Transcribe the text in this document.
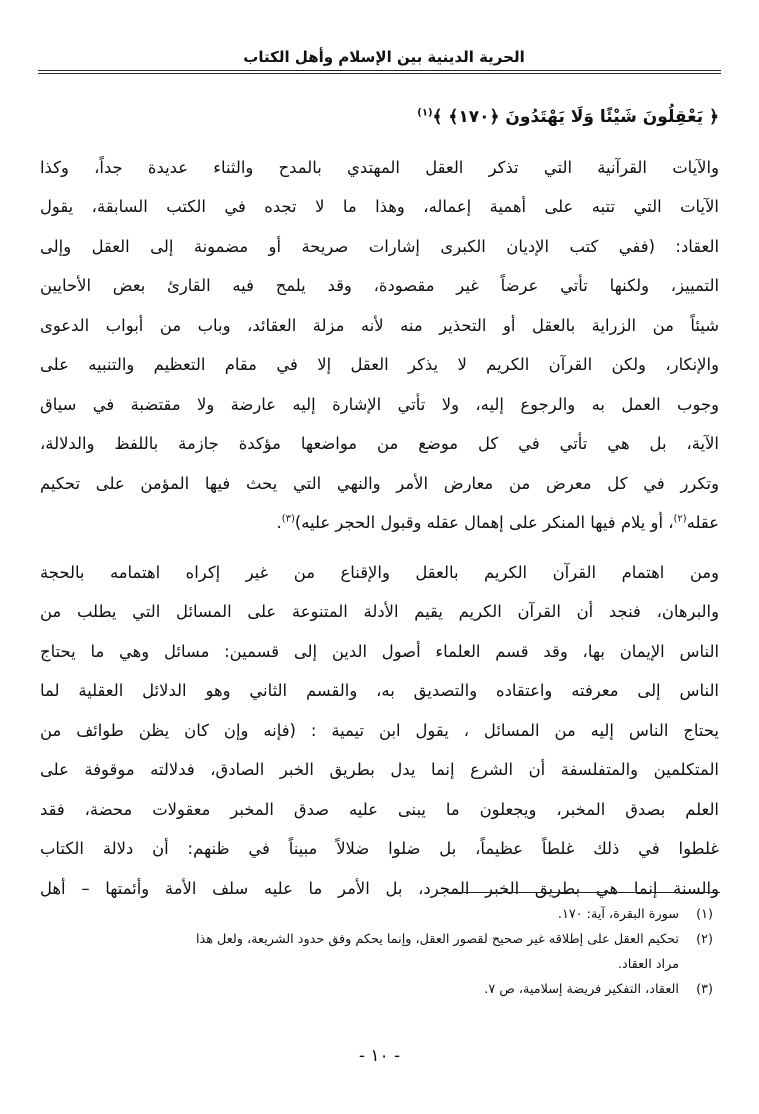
الحرية الدينية بين الإسلام وأهل الكتاب
﴿ يَعْقِلُونَ شَيْئًا وَلَا يَهْتَدُونَ ﴿١٧٠﴾ ﴾$^{(١)}$
والآيات القرآنية التي تذكر العقل المهتدي بالمدح والثناء عديدة جداً، وكذا
الآيات التي تتبه على أهمية إعماله، وهذا ما لا تجده في الكتب السابقة، يقول
العقاد: (ففي كتب الإديان الكبرى إشارات صريحة أو مضمونة إلى العقل وإلى
التمييز، ولكنها تأتي عرضاً غير مقصودة، وقد يلمح فيه القارئ بعض الأحايين
شيئاً من الزراية بالعقل أو التحذير منه لأنه مزلة العقائد، وباب من أبواب الدعوى
والإنكار، ولكن القرآن الكريم لا يذكر العقل إلا في مقام التعظيم والتنبيه على
وجوب العمل به والرجوع إليه، ولا تأتي الإشارة إليه عارضة ولا مقتضبة في سياق
الآية، بل هي تأتي في كل موضع من مواضعها مؤكدة جازمة باللفظ والدلالة،
وتكرر في كل معرض من معارض الأمر والنهي التي يحث فيها المؤمن على تحكيم
عقله$^{(٢)}$، أو يلام فيها المنكر على إهمال عقله وقبول الحجر عليه)$^{(٣)}$.
ومن اهتمام القرآن الكريم بالعقل والإقناع من غير إكراه اهتمامه بالحجة
والبرهان، فنجد أن القرآن الكريم يقيم الأدلة المتنوعة على المسائل التي يطلب من
الناس الإيمان بها، وقد قسم العلماء أصول الدين إلى قسمين: مسائل وهي ما يحتاج
الناس إلى معرفته واعتقاده والتصديق به، والقسم الثاني وهو الدلائل العقلية لما
يحتاج الناس إليه من المسائل ، يقول ابن تيمية : (فإنه وإن كان يظن طوائف من
المتكلمين والمتفلسفة أن الشرع إنما يدل بطريق الخبر الصادق، فدلالته موقوفة على
العلم بصدق المخبر، ويجعلون ما يبنى عليه صدق المخبر معقولات محضة، فقد
غلطوا في ذلك غلطاً عظيماً، بل ضلوا ضلالاً مبيناً في ظنهم: أن دلالة الكتاب
والسنة إنما هي بطريق الخبر المجرد، بل الأمر ما عليه سلف الأمة وأئمتها – أهل
(١)سورة البقرة، آية: ١٧٠.
(٢)تحكيم العقل على إطلاقه غير صحيح لقصور العقل، وإنما يحكم وفق حدود الشريعة، ولعل هذا
مراد العقاد.
(٣)العقاد، التفكير فريضة إسلامية، ص ٧.
- ١٠ -
